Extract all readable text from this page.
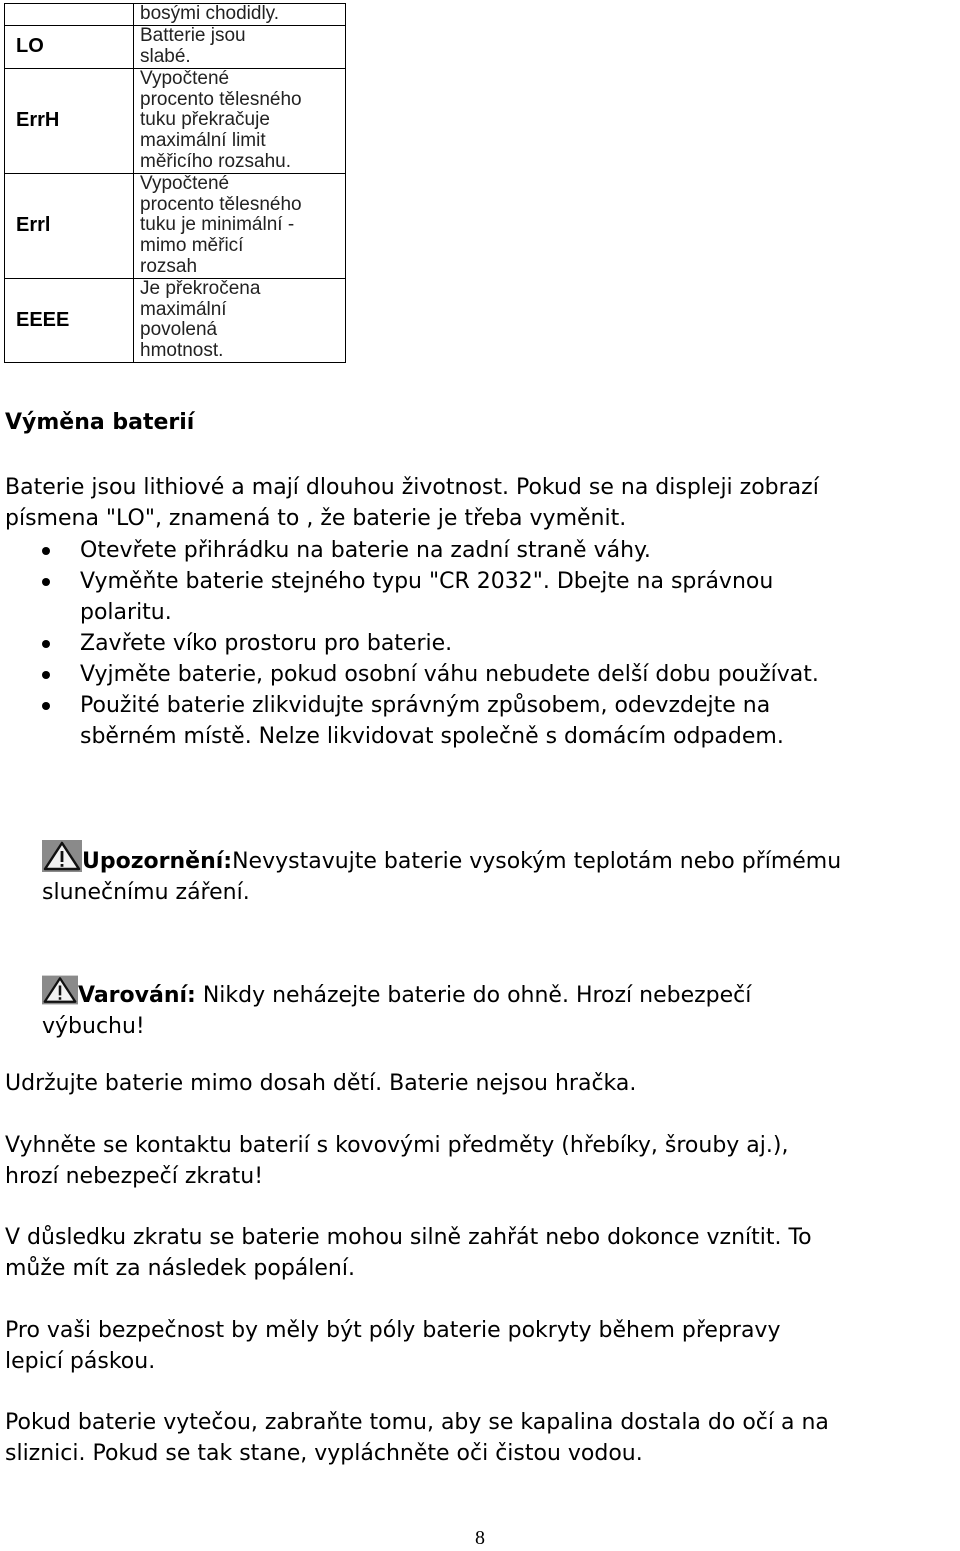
	bosými chodidly.
LO	Batterie jsou
slabé.
ErrH	Vypočtené
procento tělesného
tuku překračuje
maximální limit
měřicího rozsahu.
Errl	Vypočtené
procento tělesného
tuku je minimální -
mimo měřicí
rozsah
EEEE	Je překročena
maximální
povolená
hmotnost.
Výměna baterií

Baterie jsou lithiové a mají dlouhou životnost. Pokud se na displeji zobrazí
písmena "LO", znamená to , že baterie je třeba vyměnit.

Otevřete přihrádku na baterie na zadní straně váhy.
Vyměňte baterie stejného typu "CR 2032". Dbejte na správnou
polaritu.
Zavřete víko prostoru pro baterie.
Vyjměte baterie, pokud osobní váhu nebudete delší dobu používat.
Použité baterie zlikvidujte správným způsobem, odevzdejte na
sběrném místě. Nelze likvidovat společně s domácím odpadem.

Upozornění:Nevystavujte baterie vysokým teplotám nebo přímému
slunečnímu záření.

Varování: Nikdy neházejte baterie do ohně. Hrozí nebezpečí
výbuchu!

Udržujte baterie mimo dosah dětí. Baterie nejsou hračka.

Vyhněte se kontaktu baterií s kovovými předměty (hřebíky, šrouby aj.),
hrozí nebezpečí zkratu!

V důsledku zkratu se baterie mohou silně zahřát nebo dokonce vznítit. To
může mít za následek popálení.

Pro vaši bezpečnost by měly být póly baterie pokryty během přepravy
lepicí páskou.

Pokud baterie vytečou, zabraňte tomu, aby se kapalina dostala do očí a na
sliznici. Pokud se tak stane, vypláchněte oči čistou vodou.

8
